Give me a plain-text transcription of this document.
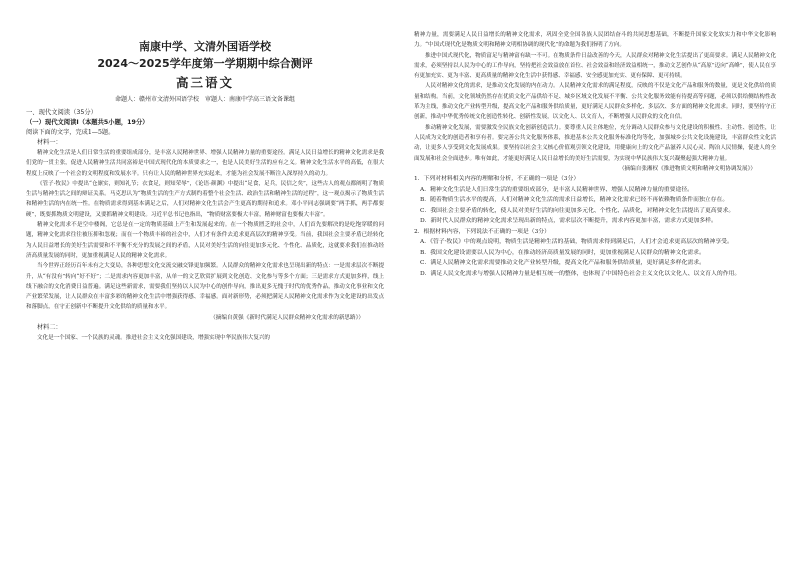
南康中学、文清外国语学校
2024～2025学年度第一学期期中综合测评
高三语文
命题人：赣州市文清外国语学校　审题人：南康中学高三语文备课组
一、现代文阅读（35分）
（一）现代文阅读Ⅰ（本题共5小题，19分）
阅读下面的文字，完成1—5题。
材料一：

精神文化生活是人们日常生活的重要组成部分，是丰富人民精神世界、增强人民精神力量的重要途径。满足人民日益增长的精神文化需求是我们党的一贯主张，促进人民精神生活共同富裕是中国式现代化的本质要求之一，也是人民美好生活的应有之义。精神文化生活水平的高低，在很大程度上反映了一个社会的文明程度和发展水平。只有让人民的精神世界充实起来，才能为社会发展不断注入深厚持久的动力。

《管子·牧民》中提出“仓廪实，则知礼节；衣食足，则知荣辱”，《论语·颜渊》中提出“足食，足兵，民信之矣”，这些古人的观点都阐明了物质生活与精神生活之间的辩证关系。马克思认为“物质生活的生产方式制约着整个社会生活、政治生活和精神生活的过程”，这一观点揭示了物质生活和精神生活的内在统一性。在物质需求得到基本满足之后，人们对精神文化生活会产生更高的期待和追求。邓小平同志强调要“两手抓，两手都要硬”，既要抓物质文明建设，又要抓精神文明建设。习近平总书记也指出，“物质财富要极大丰富，精神财富也要极大丰富”。

精神文化需求不是空中楼阁，它总是在一定的物质基础上产生和发展起来的。在一个物质匮乏的社会中，人们首先要解决的是吃饱穿暖的问题，精神文化需求往往被压抑和忽视；而在一个物质丰裕的社会中，人们才有条件去追求更高层次的精神享受。当前，我国社会主要矛盾已经转化为人民日益增长的美好生活需要和不平衡不充分的发展之间的矛盾，人民对美好生活的向往更加多元化、个性化、品质化，这就要求我们在推动经济高质量发展的同时，更加重视满足人民的精神文化需求。

当今世界正经历百年未有之大变局，各种思想文化交流交融交锋更加频繁。人民群众的精神文化需求也呈现出新的特点：一是需求层次不断提升，从“有没有”转向“好不好”；二是需求内容更加丰富，从单一的文艺欣赏扩展到文化创造、文化参与等多个方面；三是需求方式更加多样，线上线下融合的文化消费日益普遍。满足这些新需求，需要我们坚持以人民为中心的创作导向，推出更多无愧于时代的优秀作品，推动文化事业和文化产业繁荣发展，让人民群众在丰富多彩的精神文化生活中增强获得感、幸福感。面对新形势，必须把满足人民精神文化需求作为文化建设的出发点和落脚点，在守正创新中不断提升文化供给的质量和水平。

（摘编自黄强《新时代满足人民群众精神文化需求的新思路》）
材料二：

文化是一个国家、一个民族的灵魂。推进社会主义文化强国建设，增强实现中华民族伟大复兴的

精神力量，需要满足人民日益增长的精神文化需求，巩固全党全国各族人民团结奋斗的共同思想基础，不断提升国家文化软实力和中华文化影响力。“中国式现代化是物质文明和精神文明相协调的现代化”的命题为我们指明了方向。

推进中国式现代化，物质富足与精神富有缺一不可。在物质条件日益改善的今天，人民群众对精神文化生活提出了更高要求。满足人民精神文化需求，必须坚持以人民为中心的工作导向，坚持把社会效益放在首位、社会效益和经济效益相统一，推动文艺创作从“高原”迈向“高峰”，使人民在享有更加充实、更为丰富、更高质量的精神文化生活中获得感、幸福感、安全感更加充实、更有保障、更可持续。

人民对精神文化的需求，是推动文化发展的内在动力。人民精神文化需求的满足程度，反映的不仅是文化产品和服务的数量，更是文化供给的质量和结构。当前，文化领域仍然存在优质文化产品供给不足、城乡区域文化发展不平衡、公共文化服务效能有待提高等问题，必须以供给侧结构性改革为主线，推动文化产业转型升级，提高文化产品和服务供给质量，更好满足人民群众多样化、多层次、多方面的精神文化需求。同时，要坚持守正创新，推动中华优秀传统文化创造性转化、创新性发展，以文化人、以文育人，不断增强人民群众的文化自信。

推动精神文化发展，需要激发全民族文化创新创造活力。要尊重人民主体地位，充分调动人民群众参与文化建设的积极性、主动性、创造性，让人民成为文化的创造者和享有者。要完善公共文化服务体系，推进基本公共文化服务标准化均等化，加强城乡公共文化设施建设，丰富群众性文化活动，让更多人享受到文化发展成果。要坚持以社会主义核心价值观引领文化建设，用健康向上的文化产品滋养人民心灵、陶冶人民情操，促进人的全面发展和社会全面进步。唯有如此，才能更好满足人民日益增长的美好生活需要，为实现中华民族伟大复兴凝聚起强大精神力量。

（摘编自张湘权《推进物质文明和精神文明协调发展》）

1．下列对材料相关内容的理解和分析，不正确的一项是（3分）

A．精神文化生活是人们日常生活的重要组成部分，是丰富人民精神世界、增强人民精神力量的重要途径。

B．随着物质生活水平的提高，人们对精神文化生活的需求日益增长，精神文化需求已经不再依赖物质条件而独立存在。

C．我国社会主要矛盾的转化，使人民对美好生活的向往更加多元化、个性化、品质化，对精神文化生活提出了更高要求。

D．新时代人民群众的精神文化需求呈现出新的特点，需求层次不断提升，需求内容更加丰富，需求方式更加多样。

2．根据材料内容，下列说法不正确的一项是（3分）

A．《管子·牧民》中的观点说明，物质生活是精神生活的基础，物质需求得到满足后，人们才会追求更高层次的精神享受。

B．我国文化建设需要以人民为中心，在推动经济高质量发展的同时，更加重视满足人民群众的精神文化需求。

C．满足人民精神文化需求需要推动文化产业转型升级，提高文化产品和服务供给质量，更好满足多样化需求。

D．满足人民文化需求与增强人民精神力量是相互统一的整体，也体现了中国特色社会主义文化以文化人、以文育人的作用。
